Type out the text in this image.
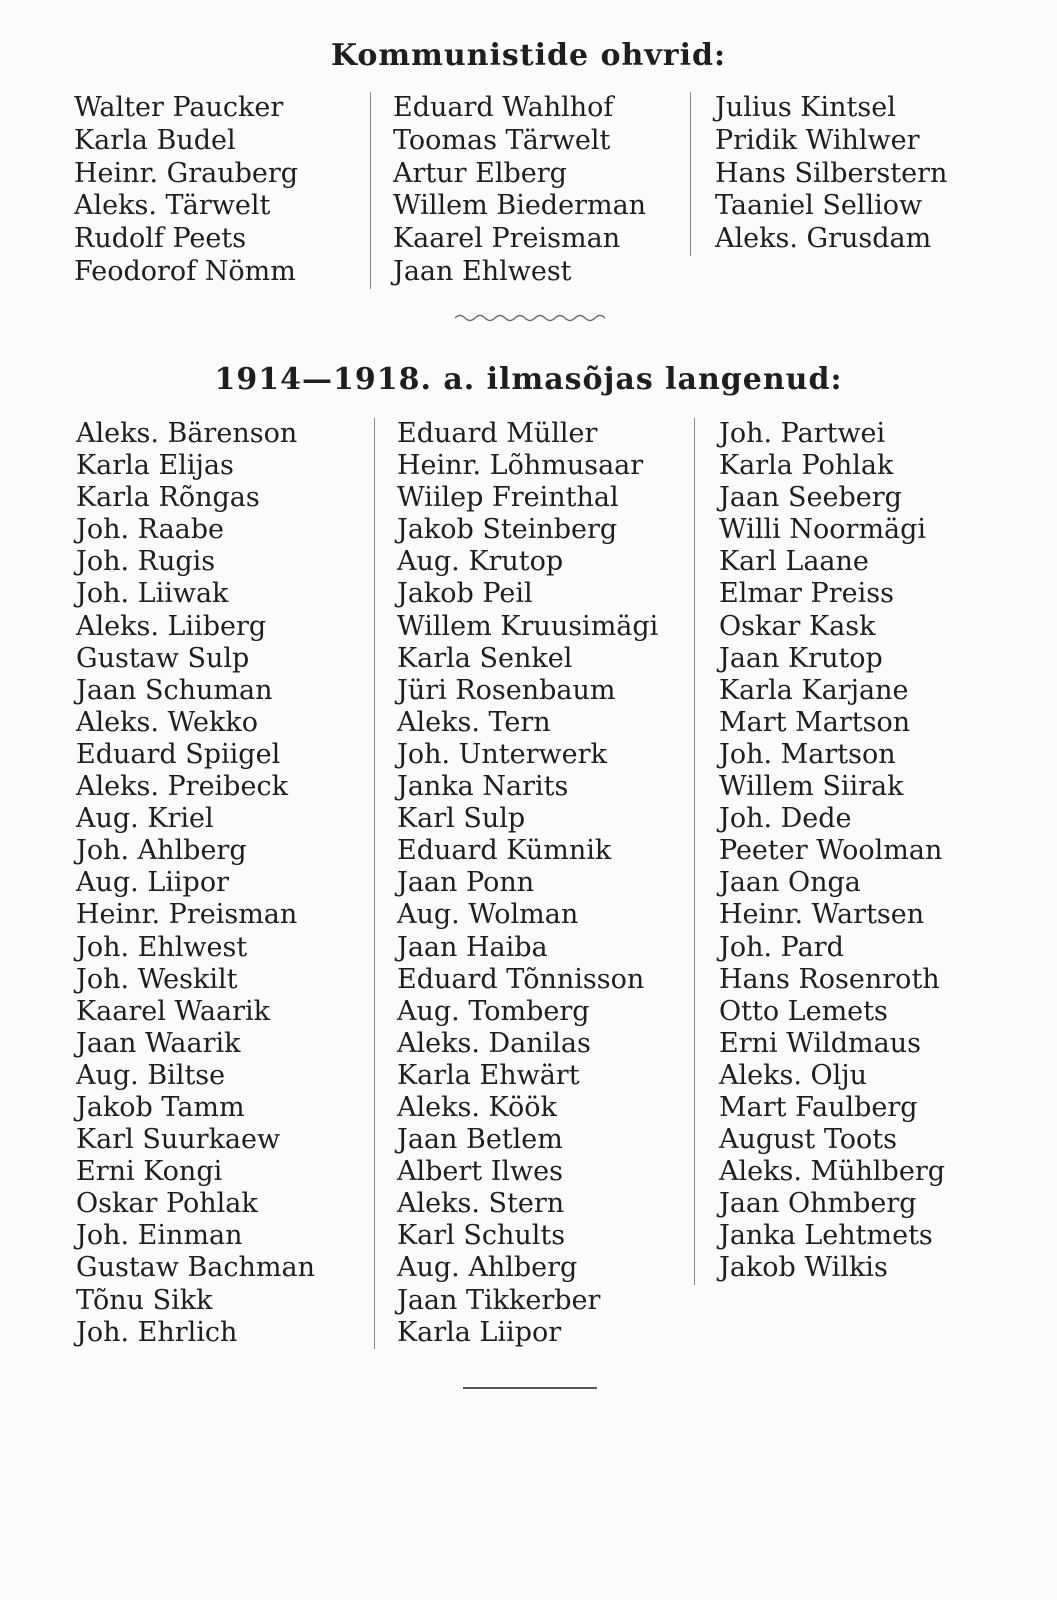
Kommunistide ohvrid:
Walter Paucker
Karla Budel
Heinr. Grauberg
Aleks. Tärwelt
Rudolf Peets
Feodorof Nömm
Eduard Wahlhof
Toomas Tärwelt
Artur Elberg
Willem Biederman
Kaarel Preisman
Jaan Ehlwest
Julius Kintsel
Pridik Wihlwer
Hans Silberstern
Taaniel Selliow
Aleks. Grusdam
1914—1918. a. ilmasõjas langenud:
Aleks. Bärenson
Karla Elijas
Karla Rõngas
Joh. Raabe
Joh. Rugis
Joh. Liiwak
Aleks. Liiberg
Gustaw Sulp
Jaan Schuman
Aleks. Wekko
Eduard Spiigel
Aleks. Preibeck
Aug. Kriel
Joh. Ahlberg
Aug. Liipor
Heinr. Preisman
Joh. Ehlwest
Joh. Weskilt
Kaarel Waarik
Jaan Waarik
Aug. Biltse
Jakob Tamm
Karl Suurkaew
Erni Kongi
Oskar Pohlak
Joh. Einman
Gustaw Bachman
Tõnu Sikk
Joh. Ehrlich
Eduard Müller
Heinr. Lõhmusaar
Wiilep Freinthal
Jakob Steinberg
Aug. Krutop
Jakob Peil
Willem Kruusimägi
Karla Senkel
Jüri Rosenbaum
Aleks. Tern
Joh. Unterwerk
Janka Narits
Karl Sulp
Eduard Kümnik
Jaan Ponn
Aug. Wolman
Jaan Haiba
Eduard Tõnnisson
Aug. Tomberg
Aleks. Danilas
Karla Ehwärt
Aleks. Köök
Jaan Betlem
Albert Ilwes
Aleks. Stern
Karl Schults
Aug. Ahlberg
Jaan Tikkerber
Karla Liipor
Joh. Partwei
Karla Pohlak
Jaan Seeberg
Willi Noormägi
Karl Laane
Elmar Preiss
Oskar Kask
Jaan Krutop
Karla Karjane
Mart Martson
Joh. Martson
Willem Siirak
Joh. Dede
Peeter Woolman
Jaan Onga
Heinr. Wartsen
Joh. Pard
Hans Rosenroth
Otto Lemets
Erni Wildmaus
Aleks. Olju
Mart Faulberg
August Toots
Aleks. Mühlberg
Jaan Ohmberg
Janka Lehtmets
Jakob Wilkis
